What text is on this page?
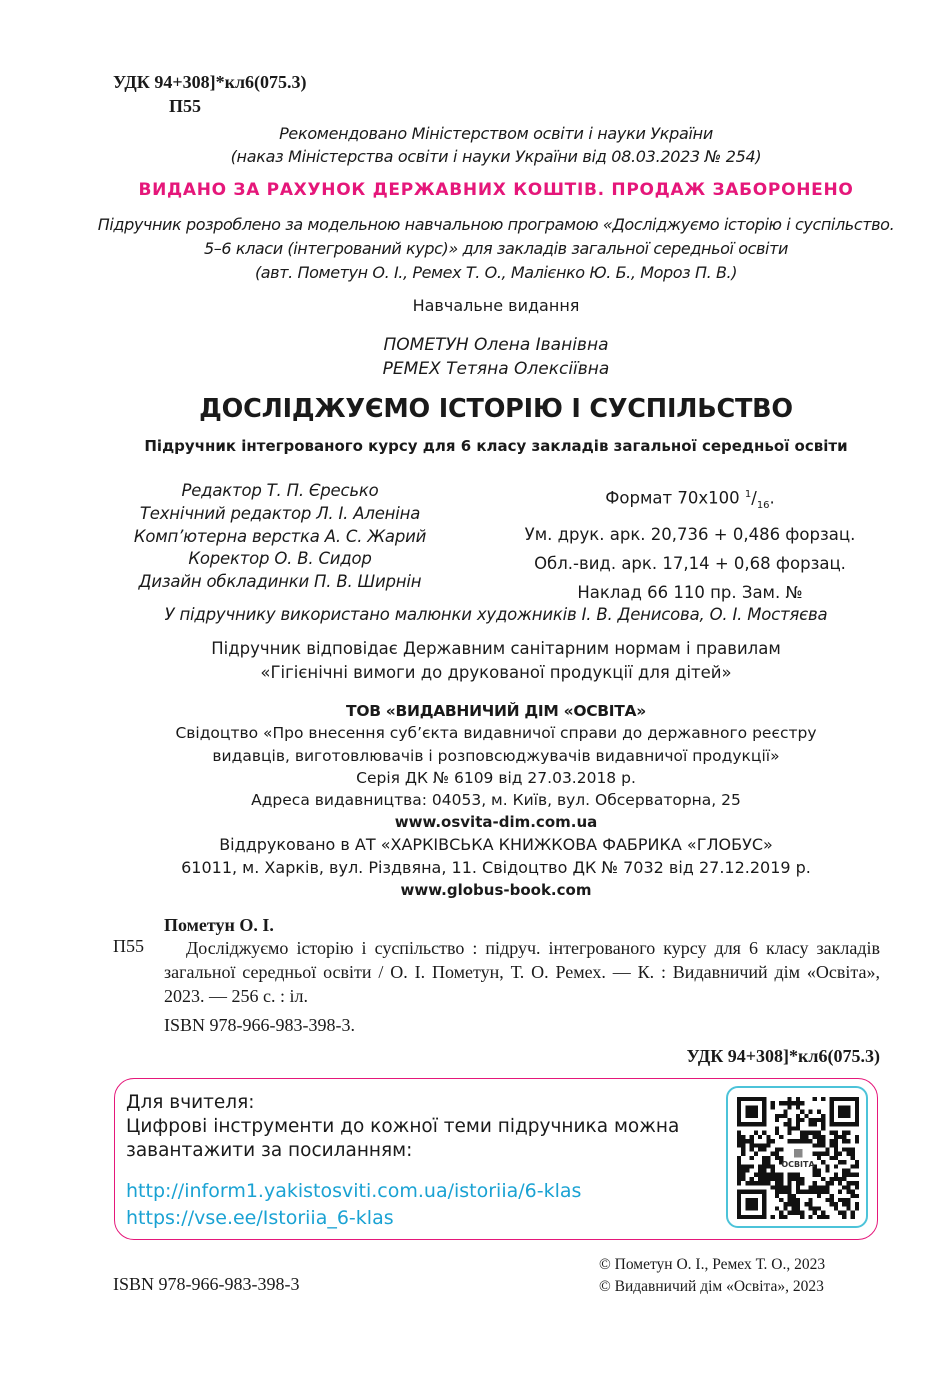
УДК 94+308]*кл6(075.3)
П55
Рекомендовано Міністерством освіти і науки України
(наказ Міністерства освіти і науки України від 08.03.2023 № 254)
ВИДАНО ЗА РАХУНОК ДЕРЖАВНИХ КОШТІВ. ПРОДАЖ ЗАБОРОНЕНО
Підручник розроблено за модельною навчальною програмою «Досліджуємо історію і суспільство.
5–6 класи (інтегрований курс)» для закладів загальної середньої освіти
(авт. Пометун О. І., Ремех Т. О., Малієнко Ю. Б., Мороз П. В.)
Навчальне видання
ПОМЕТУН Олена Іванівна
РЕМЕХ Тетяна Олексіївна
ДОСЛІДЖУЄМО ІСТОРІЮ І СУСПІЛЬСТВО
Підручник інтегрованого курсу для 6 класу закладів загальної середньої освіти
Редактор Т. П. Єресько
Технічний редактор Л. І. Аленіна
Комп’ютерна верстка А. С. Жарий
Коректор О. В. Сидор
Дизайн обкладинки П. В. Ширнін
Формат 70х100 $^1/_{16}$.
Ум. друк. арк. 20,736 + 0,486 форзац.
Обл.-вид. арк. 17,14 + 0,68 форзац.
Наклад 66 110 пр. Зам. №
У підручнику використано малюнки художників І. В. Денисова, О. І. Мостяєва
Підручник відповідає Державним санітарним нормам і правилам
«Гігієнічні вимоги до друкованої продукції для дітей»
ТОВ «ВИДАВНИЧИЙ ДІМ «ОСВІТА»
Свідоцтво «Про внесення суб’єкта видавничої справи до державного реєстру
видавців, виготовлювачів і розповсюджувачів видавничої продукції»
Серія ДК № 6109 від 27.03.2018 р.
Адреса видавництва: 04053, м. Київ, вул. Обсерваторна, 25
www.osvita-dim.com.ua
Віддруковано в АТ «ХАРКІВСЬКА КНИЖКОВА ФАБРИКА «ГЛОБУС»
61011, м. Харків, вул. Різдвяна, 11. Свідоцтво ДК № 7032 від 27.12.2019 р.
www.globus-book.com
Пометун О. І.
П55	Досліджуємо історію і суспільство : підруч. інтегрованого курсу для 6 класу закладів загальної середньої освіти / О. І. Пометун, Т. О. Ремех. — К. : Видавничий дім «Освіта», 2023. — 256 с. : іл.
ISBN 978-966-983-398-3.
УДК 94+308]*кл6(075.3)
Для вчителя:
Цифрові інструменти до кожної теми підручника можна
завантажити за посиланням:
http://inform1.yakistosviti.com.ua/istoriia/6-klas
https://vse.ee/Istoriia_6-klas
ОСВІТА
© Пометун О. І., Ремех Т. О., 2023
© Видавничий дім «Освіта», 2023
ISBN 978-966-983-398-3
